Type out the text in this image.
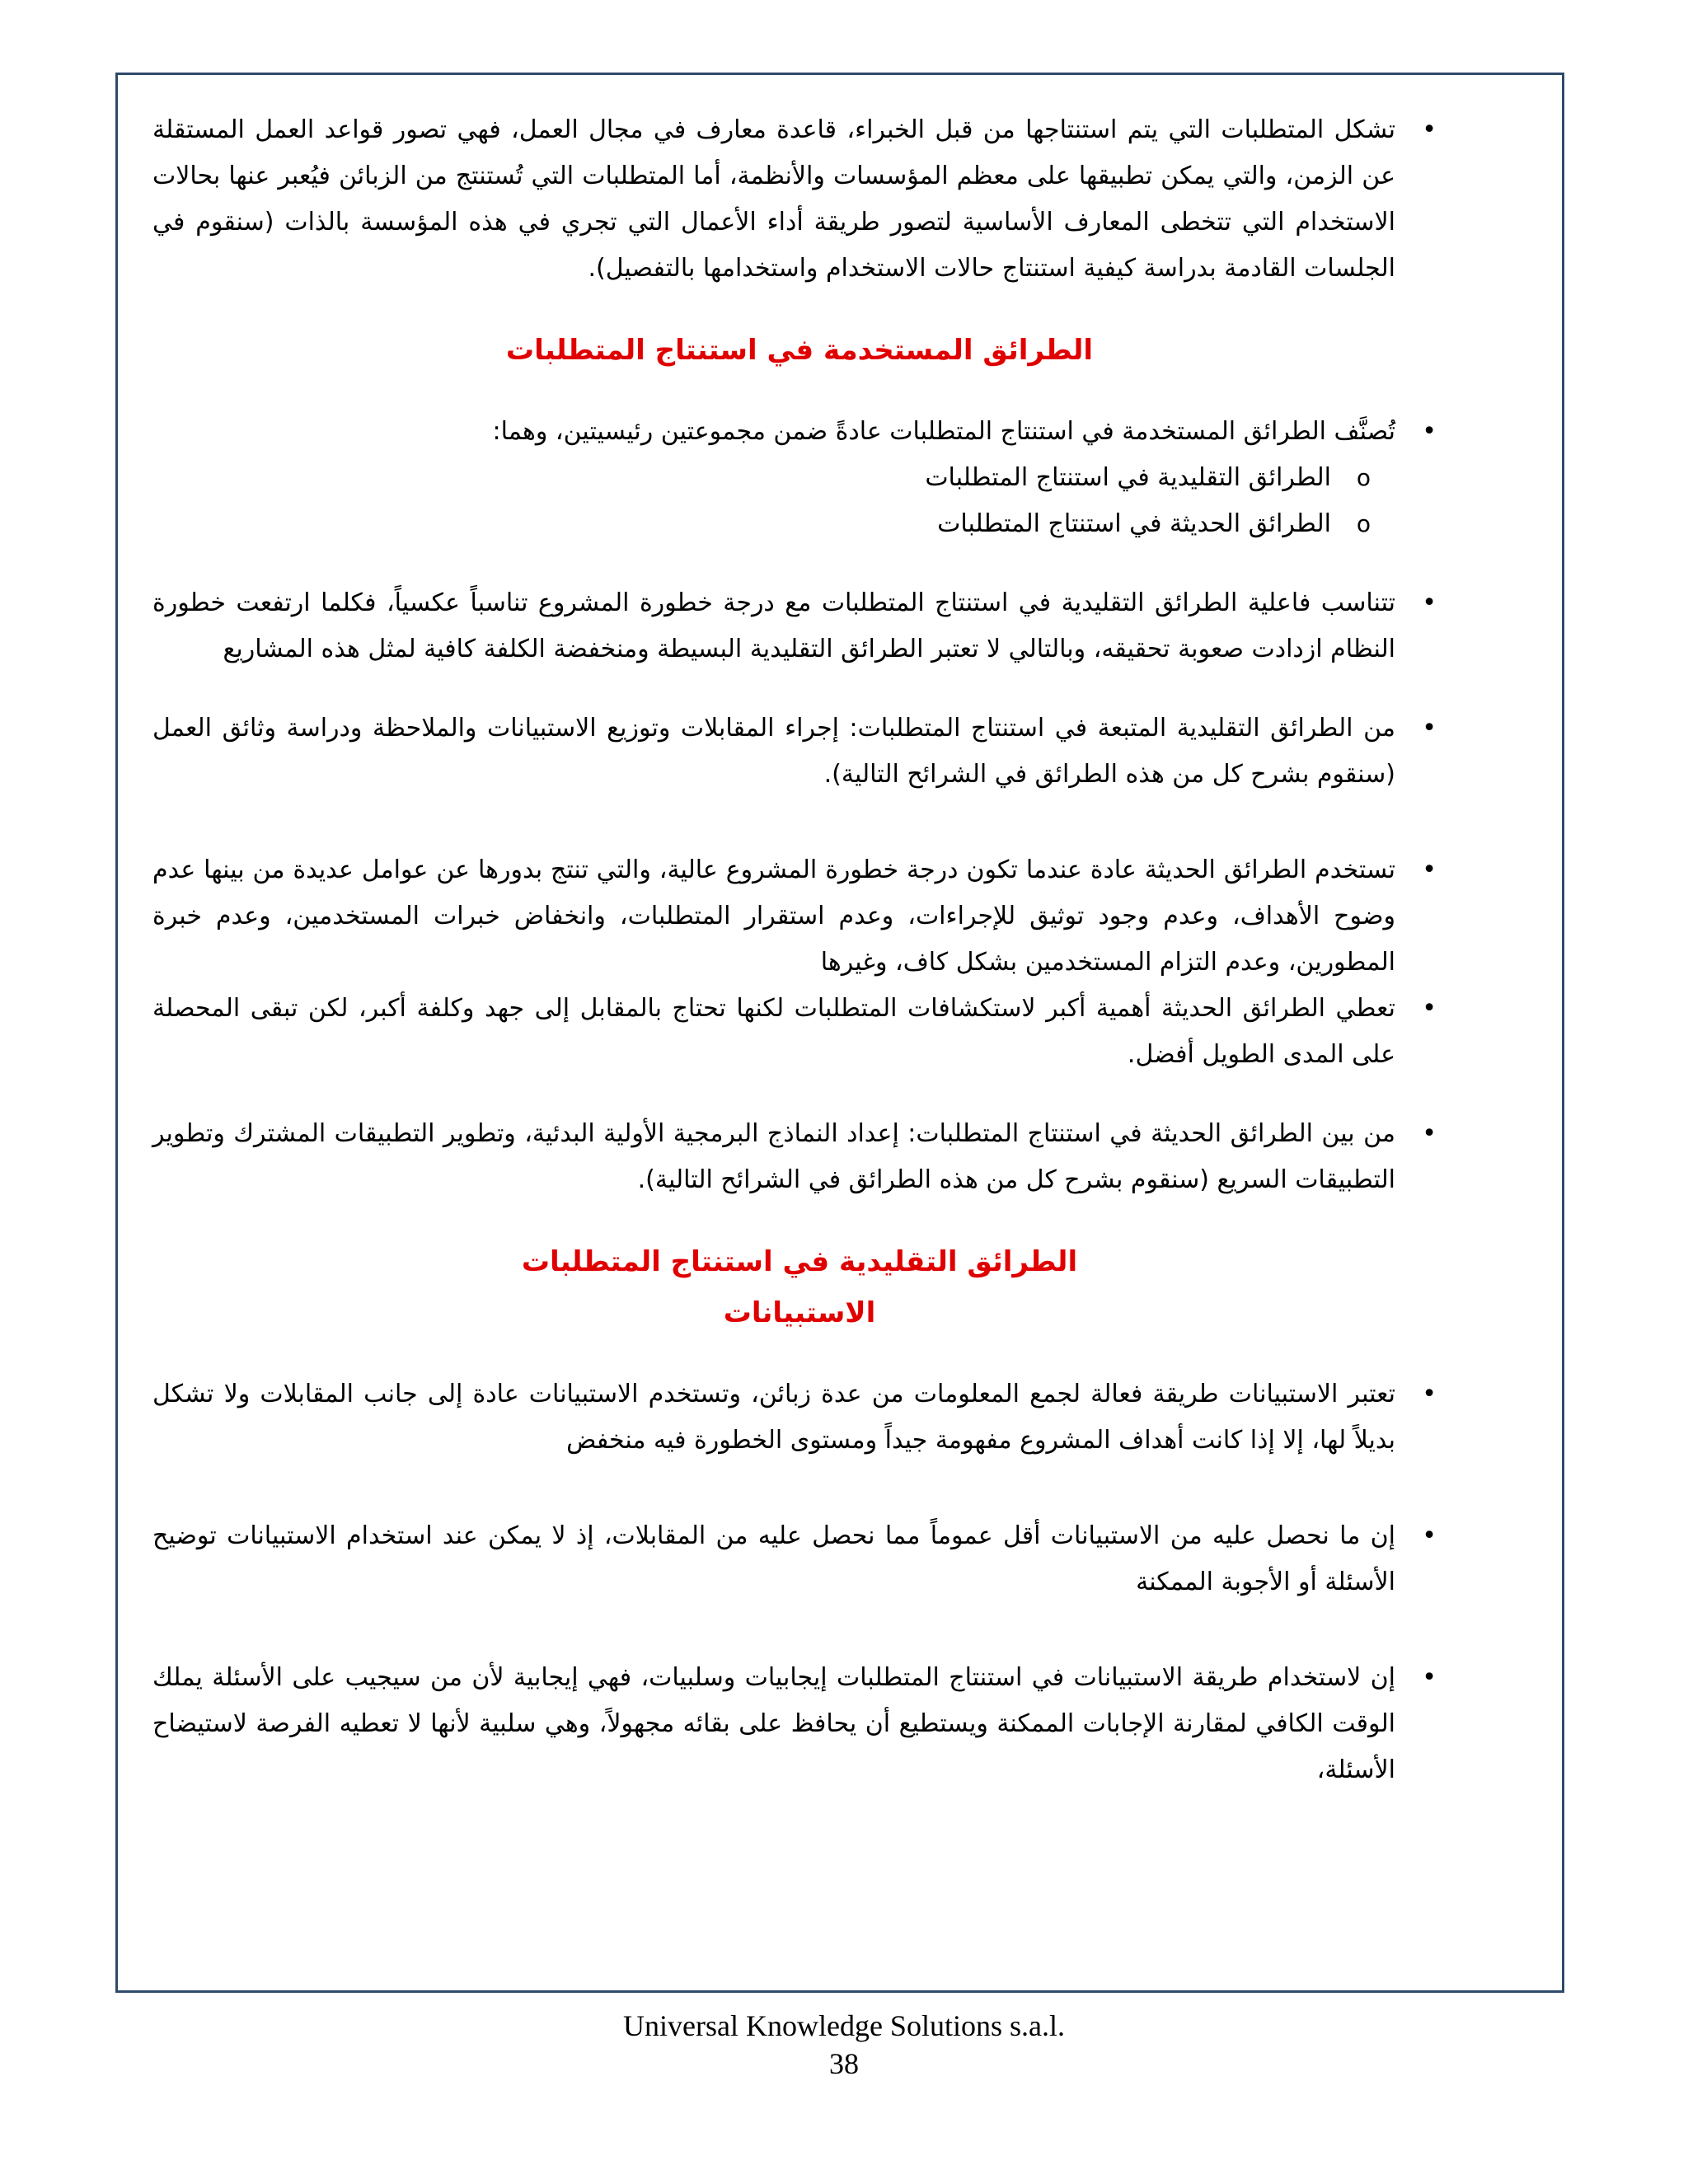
•
تشكل المتطلبات التي يتم استنتاجها من قبل الخبراء، قاعدة معارف في مجال العمل، فهي تصور قواعد العمل المستقلة عن الزمن، والتي يمكن تطبيقها على معظم المؤسسات والأنظمة، أما المتطلبات التي تُستنتج من الزبائن فيُعبر عنها بحالات الاستخدام التي تتخطى المعارف الأساسية لتصور طريقة أداء الأعمال التي تجري في هذه المؤسسة بالذات (سنقوم في الجلسات القادمة بدراسة كيفية استنتاج حالات الاستخدام واستخدامها بالتفصيل).
الطرائق المستخدمة في استنتاج المتطلبات
•
تُصنَّف الطرائق المستخدمة في استنتاج المتطلبات عادةً ضمن مجموعتين رئيسيتين، وهما:
o
الطرائق التقليدية في استنتاج المتطلبات
o
الطرائق الحديثة في استنتاج المتطلبات
•
تتناسب فاعلية الطرائق التقليدية في استنتاج المتطلبات مع درجة خطورة المشروع تناسباً عكسياً، فكلما ارتفعت خطورة النظام ازدادت صعوبة تحقيقه، وبالتالي لا تعتبر الطرائق التقليدية البسيطة ومنخفضة الكلفة كافية لمثل هذه المشاريع
•
من الطرائق التقليدية المتبعة في استنتاج المتطلبات: إجراء المقابلات وتوزيع الاستبيانات والملاحظة ودراسة وثائق العمل (سنقوم بشرح كل من هذه الطرائق في الشرائح التالية).
•
تستخدم الطرائق الحديثة عادة عندما تكون درجة خطورة المشروع عالية، والتي تنتج بدورها عن عوامل عديدة من بينها عدم وضوح الأهداف، وعدم وجود توثيق للإجراءات، وعدم استقرار المتطلبات، وانخفاض خبرات المستخدمين، وعدم خبرة المطورين، وعدم التزام المستخدمين بشكل كاف، وغيرها
•
تعطي الطرائق الحديثة أهمية أكبر لاستكشافات المتطلبات لكنها تحتاج بالمقابل إلى جهد وكلفة أكبر، لكن تبقى المحصلة على المدى الطويل أفضل.
•
من بين الطرائق الحديثة في استنتاج المتطلبات: إعداد النماذج البرمجية الأولية البدئية، وتطوير التطبيقات المشترك وتطوير التطبيقات السريع (سنقوم بشرح كل من هذه الطرائق في الشرائح التالية).
الطرائق التقليدية في استنتاج المتطلبات
الاستبيانات
•
تعتبر الاستبيانات طريقة فعالة لجمع المعلومات من عدة زبائن، وتستخدم الاستبيانات عادة إلى جانب المقابلات ولا تشكل بديلاً لها، إلا إذا كانت أهداف المشروع مفهومة جيداً ومستوى الخطورة فيه منخفض
•
إن ما نحصل عليه من الاستبيانات أقل عموماً مما نحصل عليه من المقابلات، إذ لا يمكن عند استخدام الاستبيانات توضيح الأسئلة أو الأجوبة الممكنة
•
إن لاستخدام طريقة الاستبيانات في استنتاج المتطلبات إيجابيات وسلبيات، فهي إيجابية لأن من سيجيب على الأسئلة يملك الوقت الكافي لمقارنة الإجابات الممكنة ويستطيع أن يحافظ على بقائه مجهولاً، وهي سلبية لأنها لا تعطيه الفرصة لاستيضاح الأسئلة،
Universal Knowledge Solutions s.a.l.
38
